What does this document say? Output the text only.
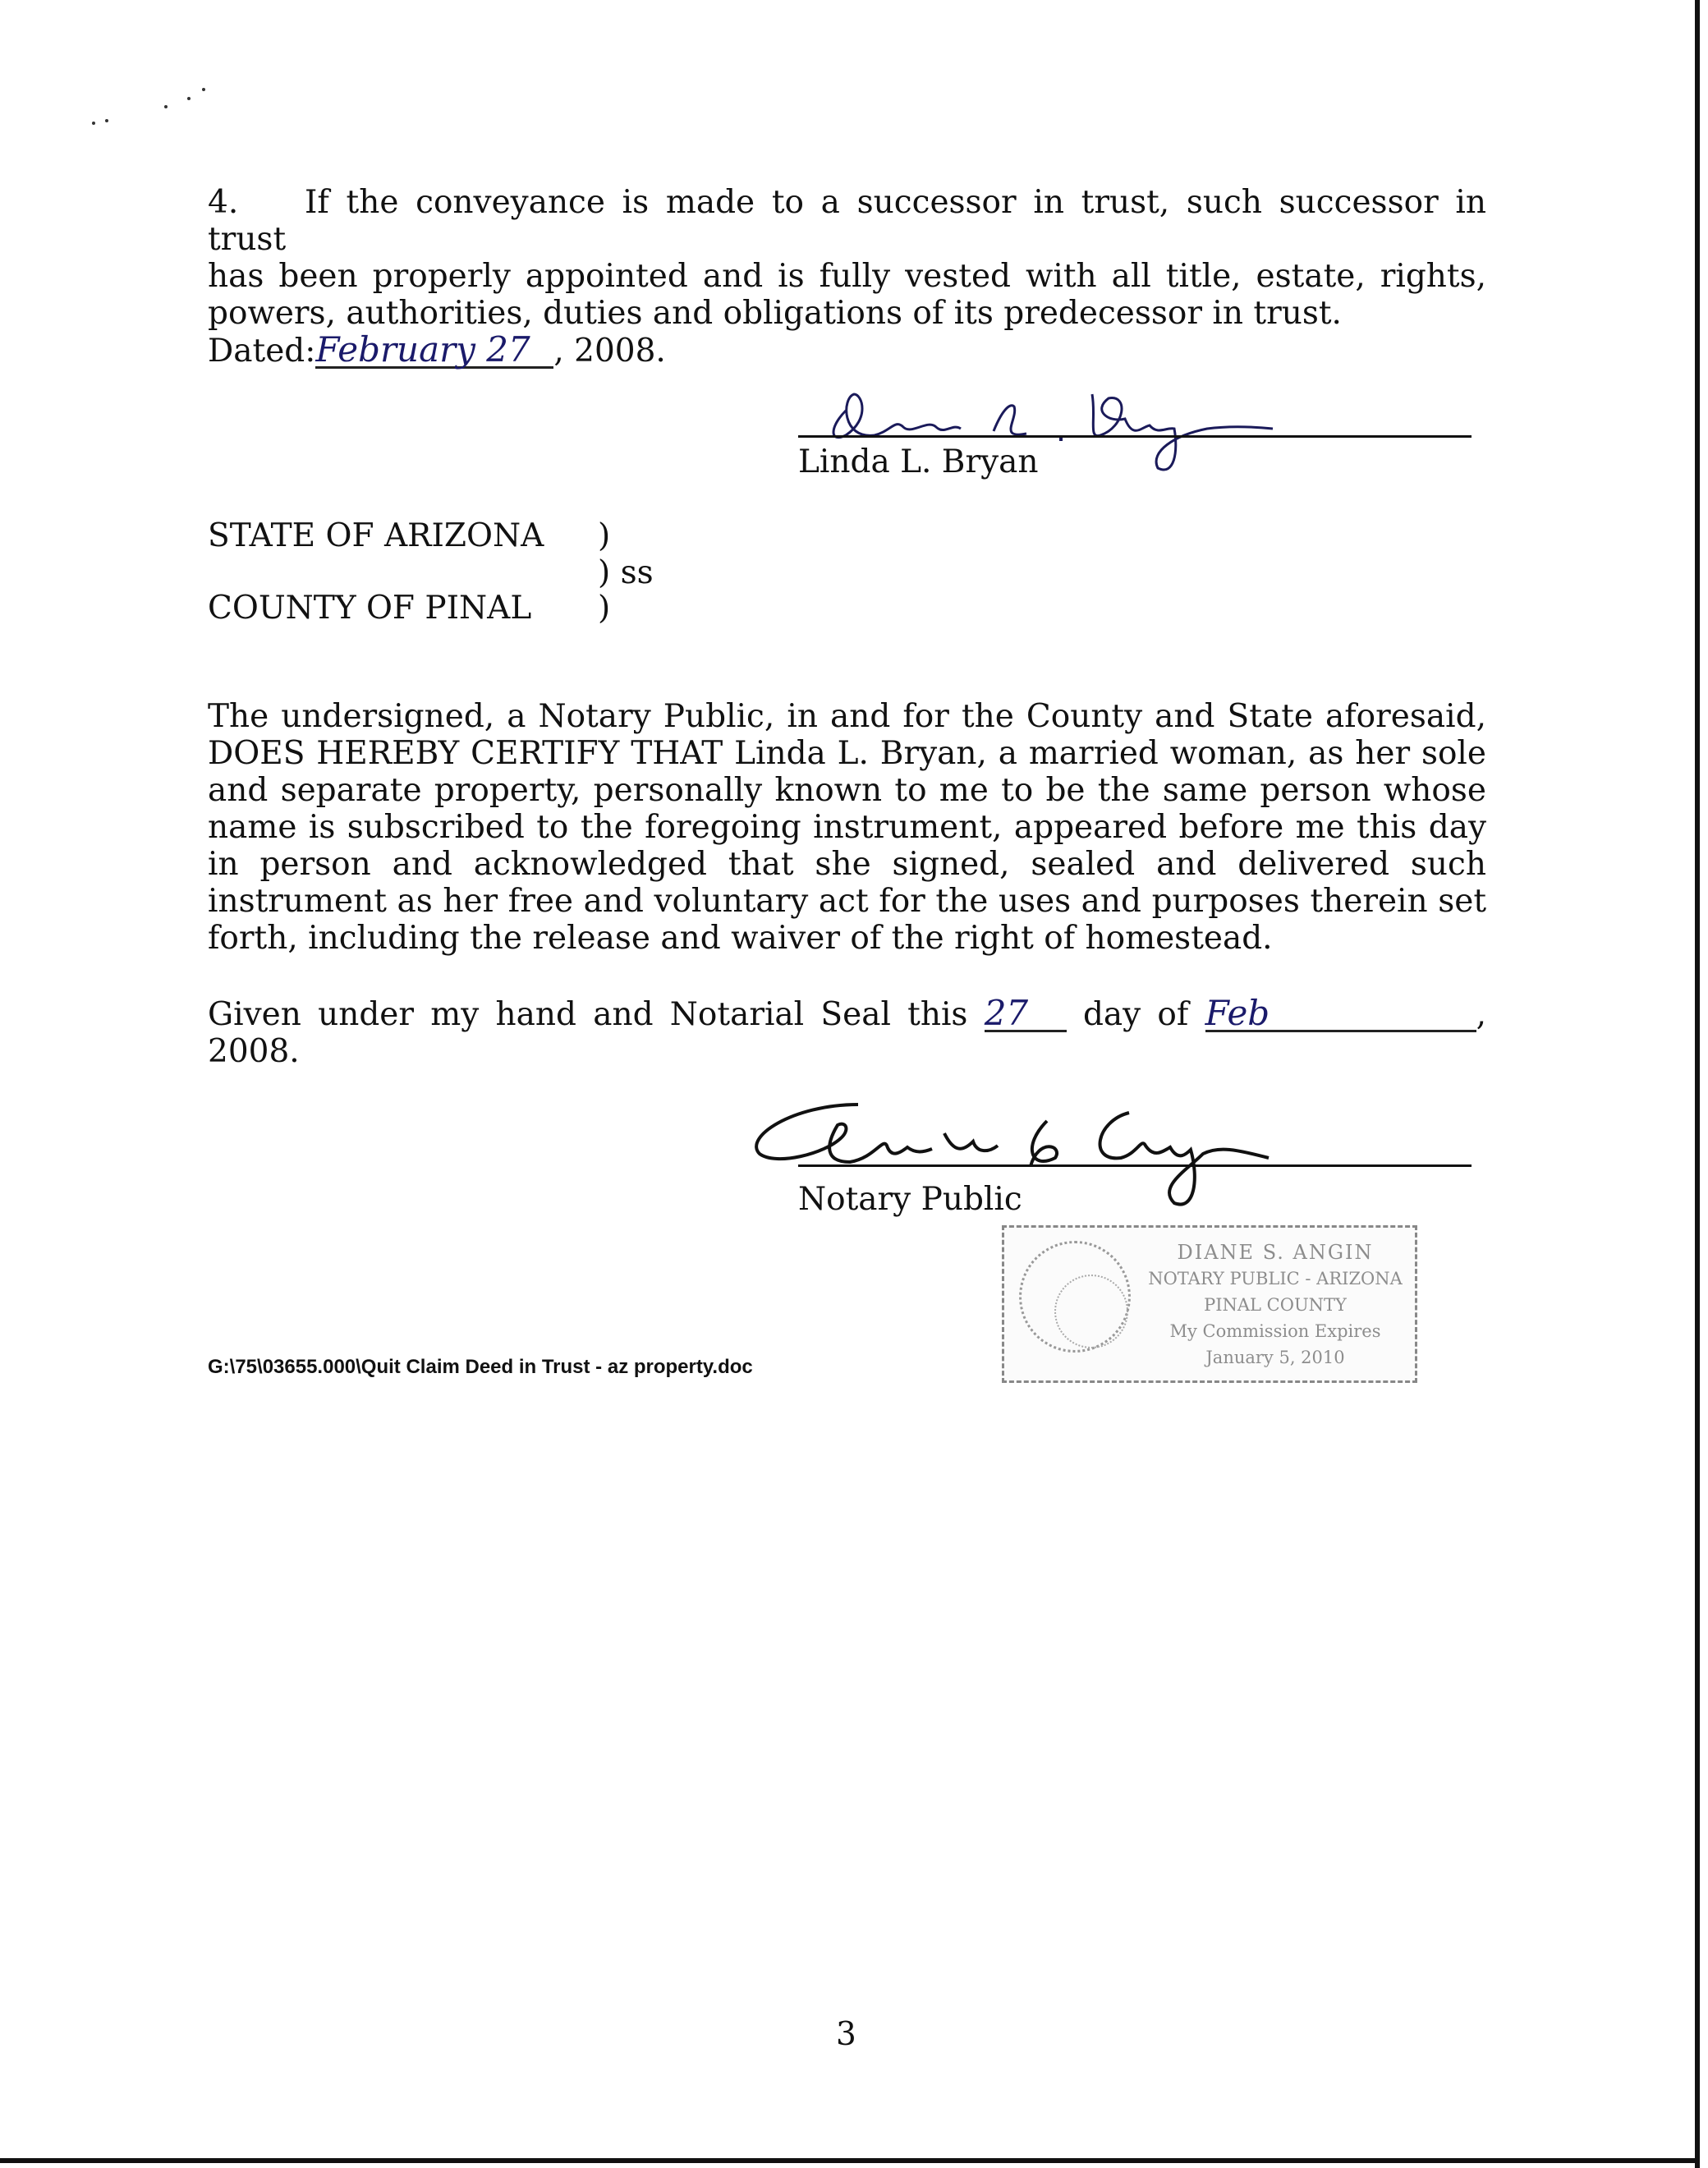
4. If the conveyance is made to a successor in trust, such successor in trust
has been properly appointed and is fully vested with all title, estate, rights,
powers, authorities, duties and obligations of its predecessor in trust.
Dated:February 27 , 2008.
Linda L. Bryan
STATE OF ARIZONA
COUNTY OF PINAL
)
) ss
)
The undersigned, a Notary Public, in and for the County and State aforesaid,
DOES HEREBY CERTIFY THAT Linda L. Bryan, a married woman, as her sole
and separate property, personally known to me to be the same person whose
name is subscribed to the foregoing instrument, appeared before me this day
in person and acknowledged that she signed, sealed and delivered such
instrument as her free and voluntary act for the uses and purposes therein set
forth, including the release and waiver of the right of homestead.
Given under my hand and Notarial Seal this 27 day of Feb	,
2008.
Notary Public
DIANE S. ANGIN
NOTARY PUBLIC - ARIZONA
PINAL COUNTY
My Commission Expires
January 5, 2010
G:\75\03655.000\Quit Claim Deed in Trust - az property.doc
3
